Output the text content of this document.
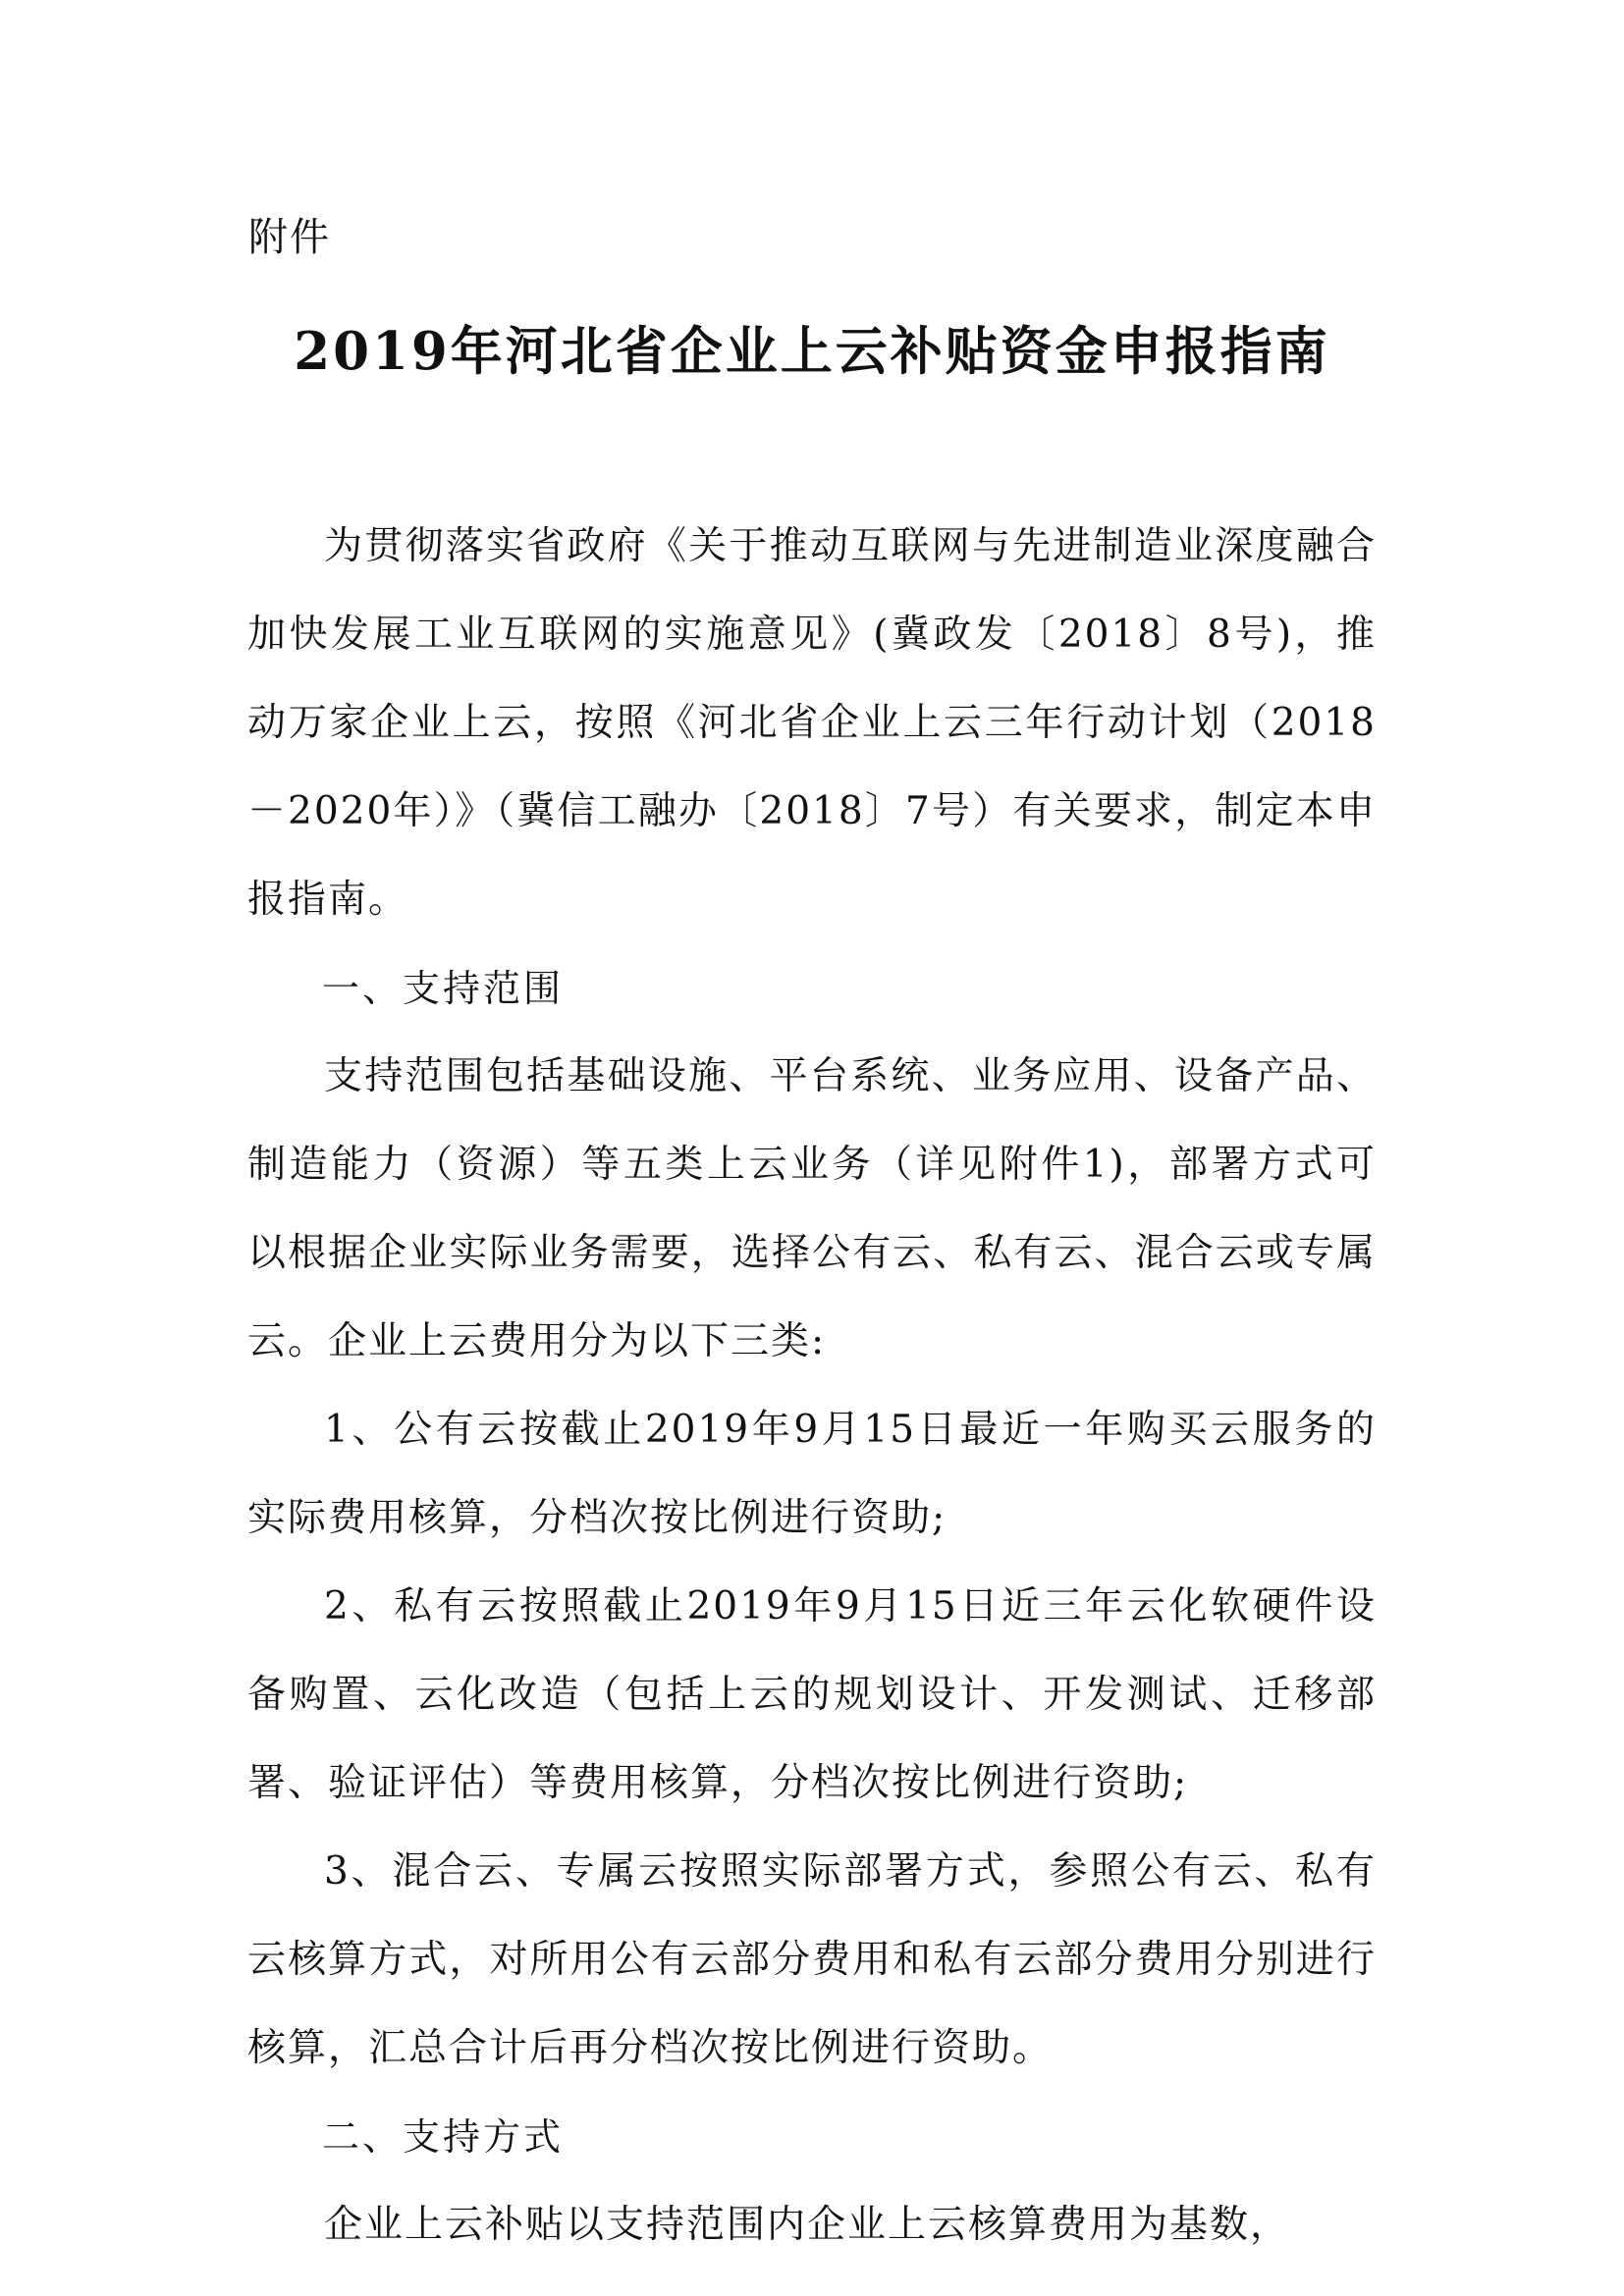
附件
2019年河北省企业上云补贴资金申报指南

为贯彻落实省政府《关于推动互联网与先进制造业深度融合加快发展工业互联网的实施意见》(冀政发〔2018〕8号)，推动万家企业上云，按照《河北省企业上云三年行动计划（2018－2020年）》（冀信工融办〔2018〕7号）有关要求，制定本申报指南。

一、支持范围

支持范围包括基础设施、平台系统、业务应用、设备产品、制造能力（资源）等五类上云业务（详见附件1)，部署方式可以根据企业实际业务需要，选择公有云、私有云、混合云或专属云。企业上云费用分为以下三类:

1、公有云按截止2019年9月15日最近一年购买云服务的实际费用核算，分档次按比例进行资助;

2、私有云按照截止2019年9月15日近三年云化软硬件设备购置、云化改造（包括上云的规划设计、开发测试、迁移部署、验证评估）等费用核算，分档次按比例进行资助;

3、混合云、专属云按照实际部署方式，参照公有云、私有云核算方式，对所用公有云部分费用和私有云部分费用分别进行核算，汇总合计后再分档次按比例进行资助。

二、支持方式

企业上云补贴以支持范围内企业上云核算费用为基数，
